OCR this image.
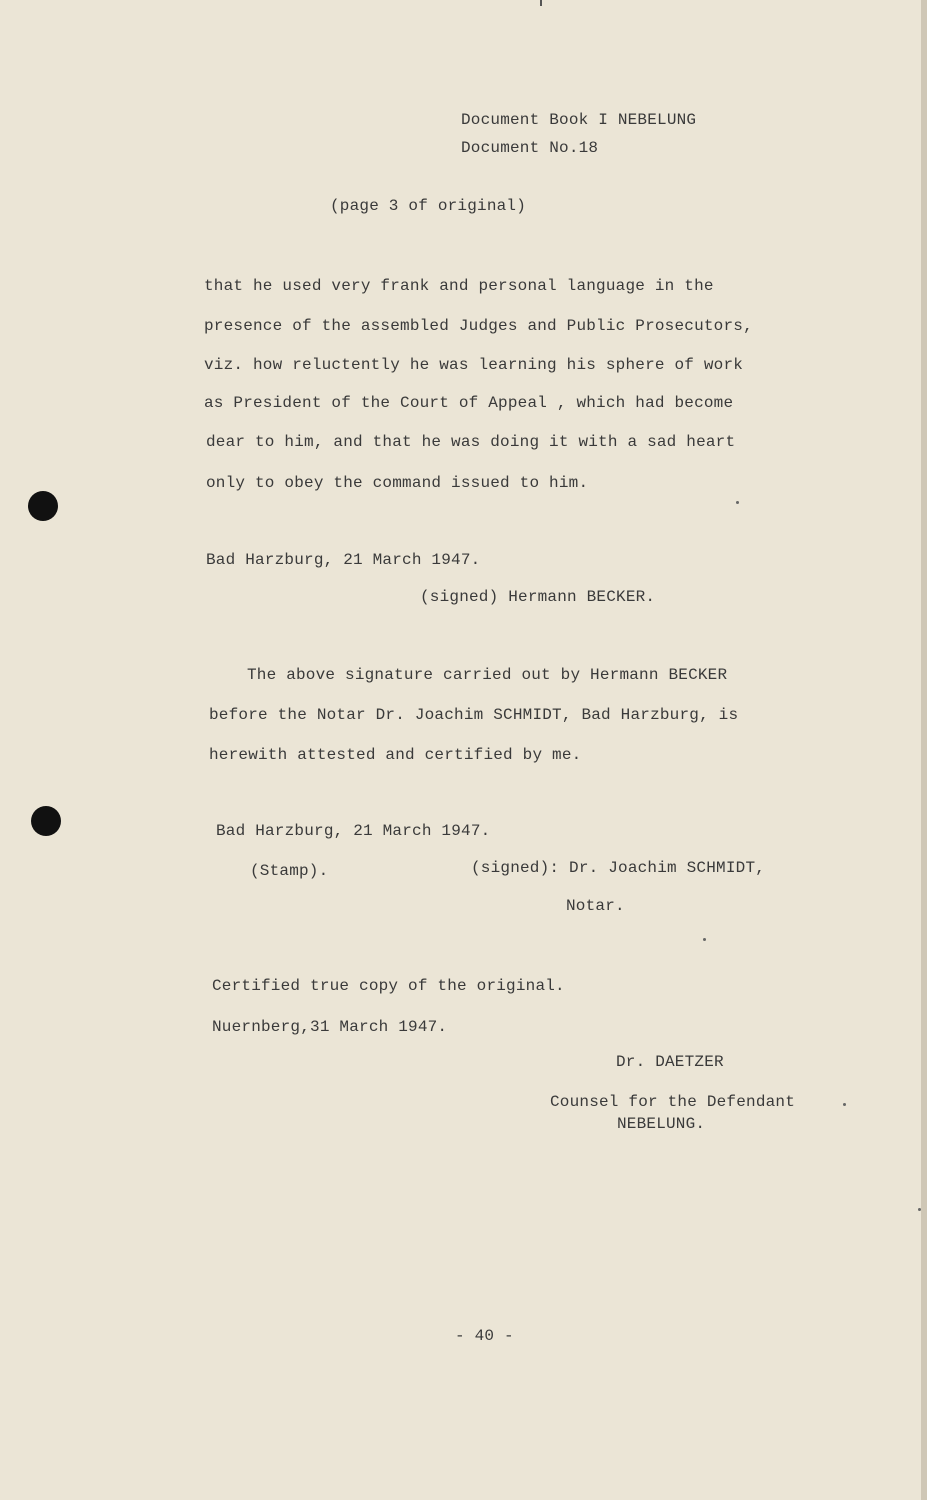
Document Book I NEBELUNG
Document No.18
(page 3 of original)
that he used very frank and personal language in the
presence of the assembled Judges and Public Prosecutors,
viz. how reluctently he was learning his sphere of work
as President of the Court of Appeal , which had become
dear to him, and that he was doing it with a sad heart
only to obey the command issued to him.
Bad Harzburg, 21 March 1947.
(signed) Hermann BECKER.
The above signature carried out by Hermann BECKER
before the Notar Dr. Joachim SCHMIDT, Bad Harzburg, is
herewith attested and certified by me.
Bad Harzburg, 21 March 1947.
(Stamp).	(signed): Dr. Joachim SCHMIDT,
Notar.
Certified true copy of the original.
Nuernberg,31 March 1947.
Dr. DAETZER
Counsel for the Defendant
NEBELUNG.
- 40 -
